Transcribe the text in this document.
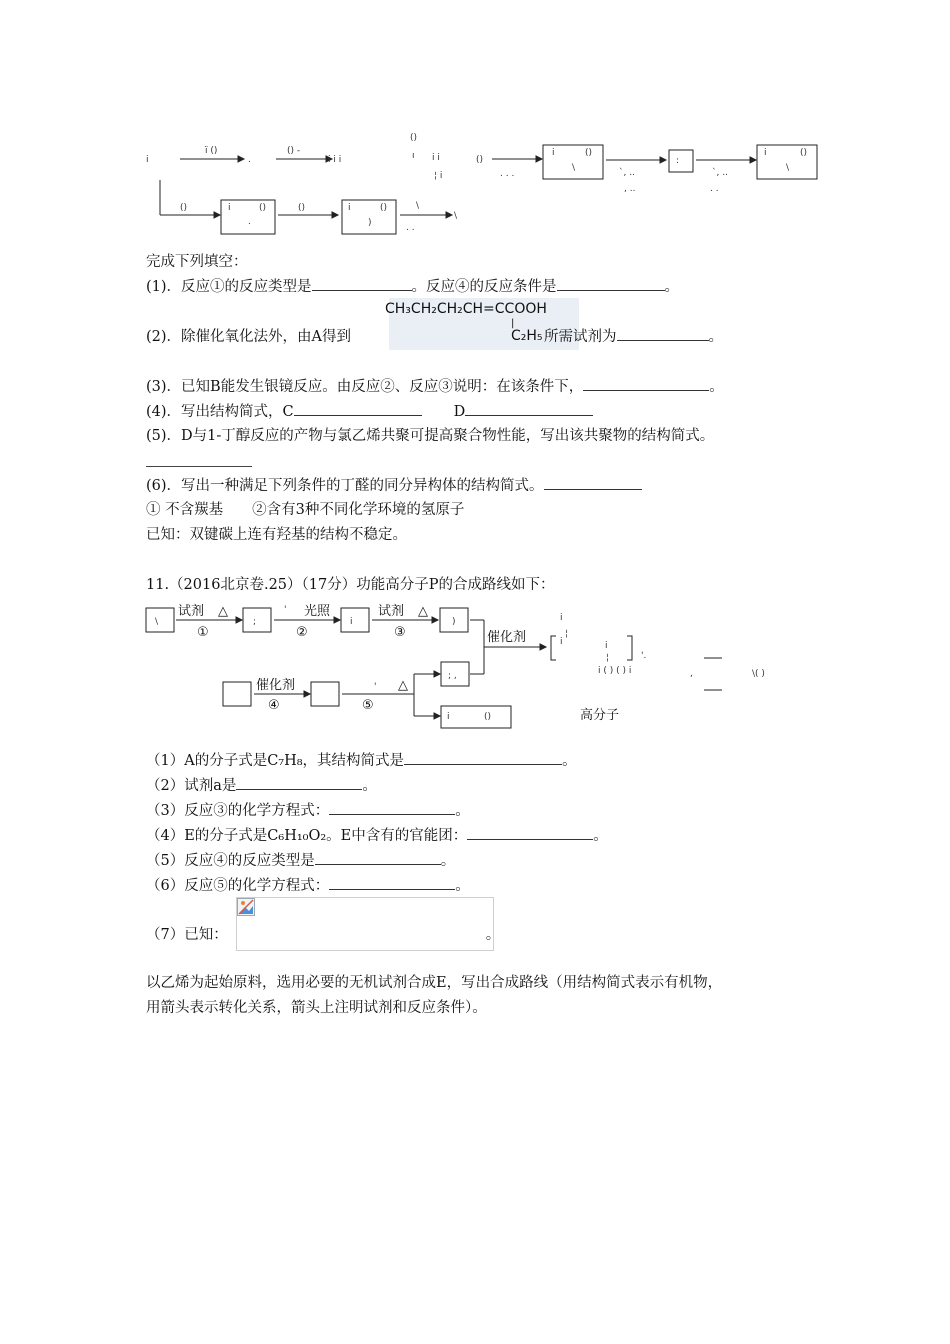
i
ï ()
.
() -
i i i
()
ı i i
¦ i
()
. . .
i	()
\
:
`, ..
, ..
`, ..
. .
i	()
\
()	i	()
.
()	i	()
)
\
. .
\
完成下列填空：
(1)．反应①的反应类型是	。反应④的反应条件是	。
CH₃CH₂CH₂CH=CCOOH
|
C₂H₅
(2)．除催化氧化法外，由A得到	所需试剂为	。
(3)．已知B能发生银镜反应。由反应②、反应③说明：在该条件下，	。
(4)．写出结构简式，C	D
(5)．D与1-丁醇反应的产物与氯乙烯共聚可提高聚合物性能，写出该共聚物的结构简式。
(6)．写出一种满足下列条件的丁醛的同分异构体的结构简式。
① 不含羰基　　②含有3种不同化学环境的氢原子
已知：双键碳上连有羟基的结构不稳定。
11.（2016北京卷.25）（17分）功能高分子P的合成路线如下：
试剂 △
①
光照
②
试剂 △
③	催化剂
催化剂
④	⑤
△
高分子
\	;
'
i	)
'
; ,
i	()
i
i
¦
i
¦	'.
i ( ) ( ) i	,	\( )
（1）A的分子式是C₇H₈，其结构简式是	。
（2）试剂a是	。
（3）反应③的化学方程式：	。
（4）E的分子式是C₆H₁₀O₂。E中含有的官能团：	。
（5）反应④的反应类型是	。
（6）反应⑤的化学方程式：	。
（7）已知：	。
以乙烯为起始原料，选用必要的无机试剂合成E，写出合成路线（用结构简式表示有机物，
用箭头表示转化关系，箭头上注明试剂和反应条件）。
